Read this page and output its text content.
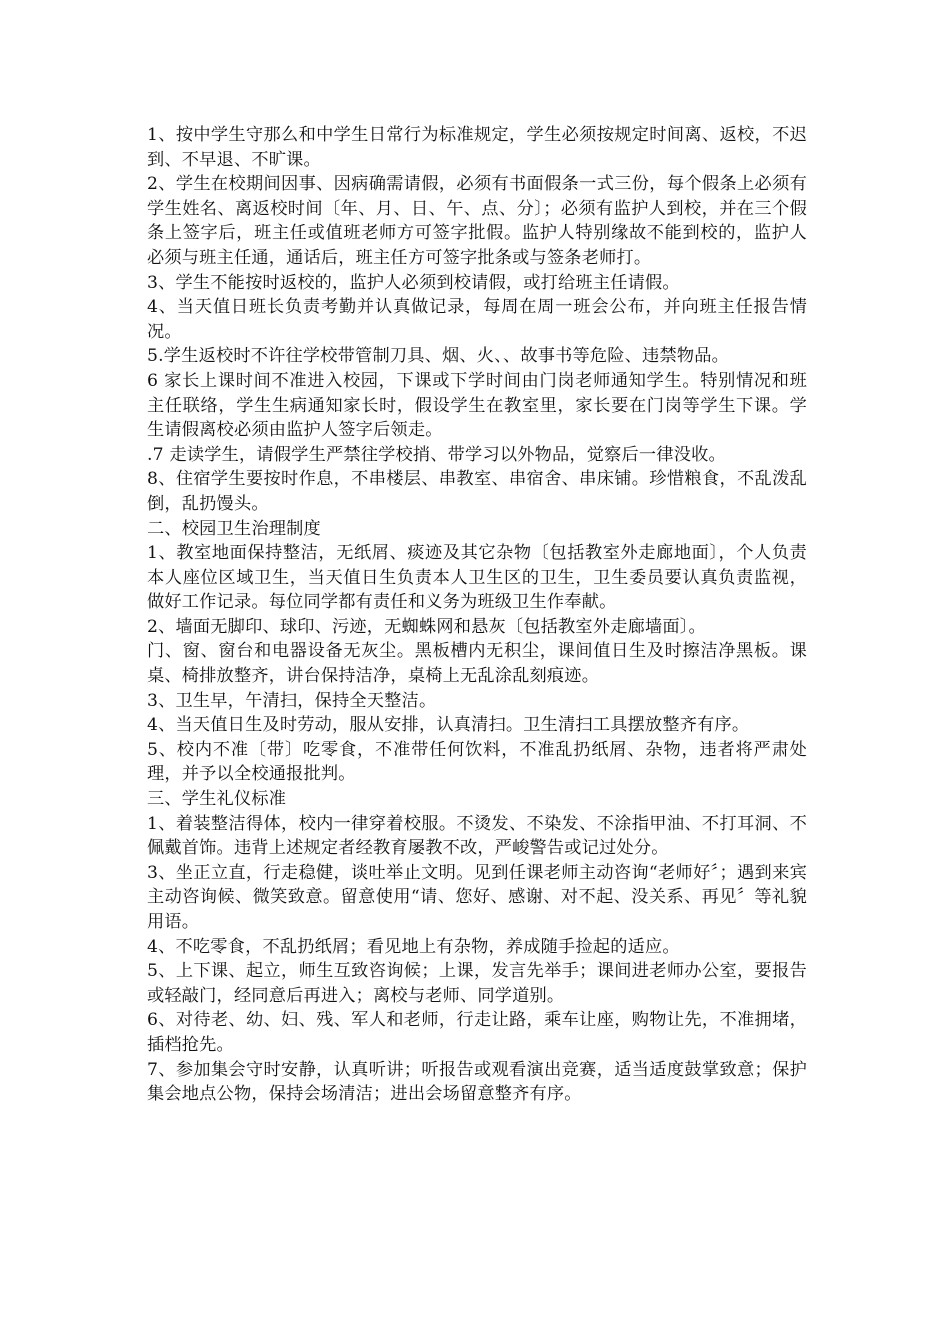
1、按中学生守那么和中学生日常行为标准规定，学生必须按规定时间离、返校，不迟到、不早退、不旷课。

2、学生在校期间因事、因病确需请假，必须有书面假条一式三份，每个假条上必须有学生姓名、离返校时间〔年、月、日、午、点、分〕；必须有监护人到校，并在三个假条上签字后，班主任或值班老师方可签字批假。监护人特别缘故不能到校的，监护人必须与班主任通，通话后，班主任方可签字批条或与签条老师打。

3、学生不能按时返校的，监护人必须到校请假，或打给班主任请假。

4、当天值日班长负责考勤并认真做记录，每周在周一班会公布，并向班主任报告情况。

5.学生返校时不许往学校带管制刀具、烟、火、、故事书等危险、违禁物品。

6 家长上课时间不准进入校园，下课或下学时间由门岗老师通知学生。特别情况和班主任联络，学生生病通知家长时，假设学生在教室里，家长要在门岗等学生下课。学生请假离校必须由监护人签字后领走。

.7 走读学生，请假学生严禁往学校捎、带学习以外物品，觉察后一律没收。

8、住宿学生要按时作息，不串楼层、串教室、串宿舍、串床铺。珍惜粮食，不乱泼乱倒，乱扔馒头。

二、校园卫生治理制度

1、教室地面保持整洁，无纸屑、痰迹及其它杂物〔包括教室外走廊地面〕，个人负责本人座位区域卫生，当天值日生负责本人卫生区的卫生，卫生委员要认真负责监视，做好工作记录。每位同学都有责任和义务为班级卫生作奉献。

2、墙面无脚印、球印、污迹，无蜘蛛网和悬灰〔包括教室外走廊墙面〕。

门、窗、窗台和电器设备无灰尘。黑板槽内无积尘，课间值日生及时擦洁净黑板。课桌、椅排放整齐，讲台保持洁净，桌椅上无乱涂乱刻痕迹。

3、卫生早，午清扫，保持全天整洁。

4、当天值日生及时劳动，服从安排，认真清扫。卫生清扫工具摆放整齐有序。

5、校内不准〔带〕吃零食，不准带任何饮料，不准乱扔纸屑、杂物，违者将严肃处理，并予以全校通报批判。

三、学生礼仪标准

1、着装整洁得体，校内一律穿着校服。不烫发、不染发、不涂指甲油、不打耳洞、不佩戴首饰。违背上述规定者经教育屡教不改，严峻警告或记过处分。

3、坐正立直，行走稳健，谈吐举止文明。见到任课老师主动咨询“老师好〞；遇到来宾主动咨询候、微笑致意。留意使用“请、您好、感谢、对不起、没关系、再见〞等礼貌用语。

4、不吃零食，不乱扔纸屑；看见地上有杂物，养成随手捡起的适应。

5、上下课、起立，师生互致咨询候；上课，发言先举手；课间进老师办公室，要报告或轻敲门，经同意后再进入；离校与老师、同学道别。

6、对待老、幼、妇、残、军人和老师，行走让路，乘车让座，购物让先，不准拥堵，插档抢先。

7、参加集会守时安静，认真听讲；听报告或观看演出竞赛，适当适度鼓掌致意；保护集会地点公物，保持会场清洁；进出会场留意整齐有序。
